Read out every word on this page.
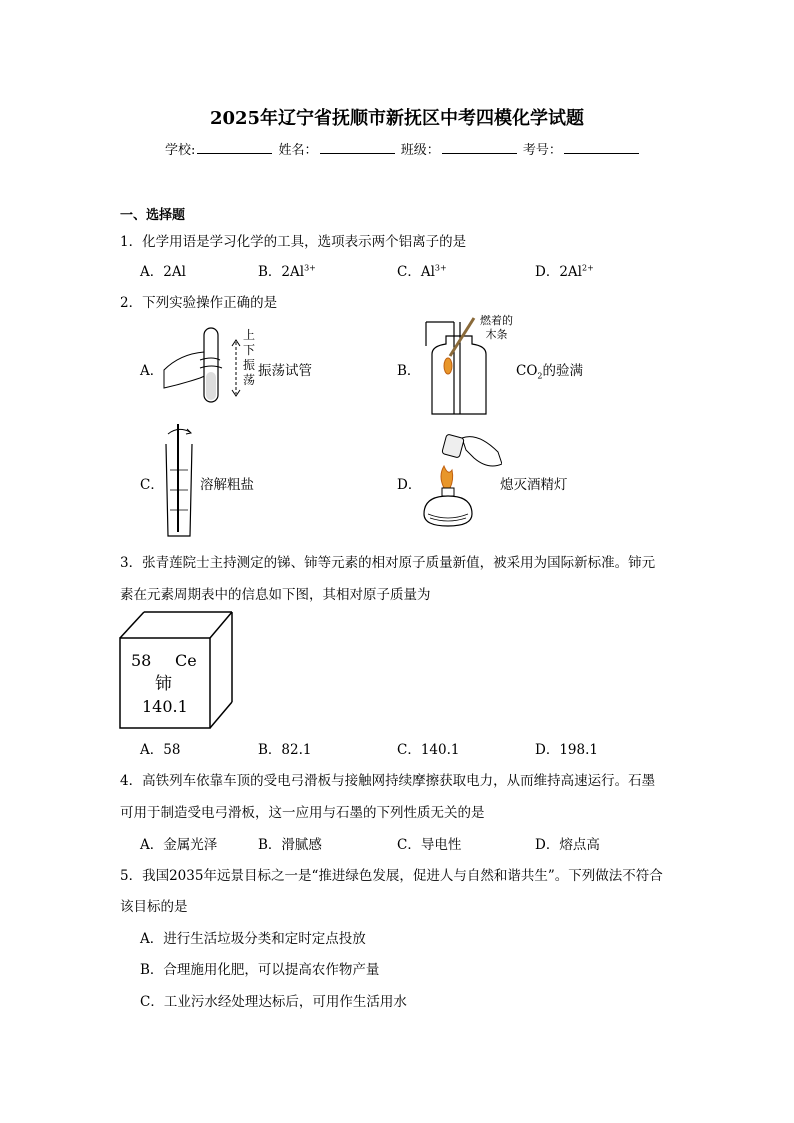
2025年辽宁省抚顺市新抚区中考四模化学试题
学校:	姓名：	班级：	考号：
一、选择题
1．化学用语是学习化学的工具，选项表示两个铝离子的是
A．2Al	B．$2Al^{3+}$	C．$Al^{3+}$	D．$2Al^{2+}$
2．下列实验操作正确的是
A．
上
下
振
荡
振荡试管	B．
燃着的
木条
$CO_2$的验满
C．	溶解粗盐	D．	熄灭酒精灯
3．张青莲院士主持测定的锑、铈等元素的相对原子质量新值，被采用为国际新标准。铈元
素在元素周期表中的信息如下图，其相对原子质量为
58 Ce
铈
140.1
A．58	B．82.1	C．140.1	D．198.1
4．高铁列车依靠车顶的受电弓滑板与接触网持续摩擦获取电力，从而维持高速运行。石墨
可用于制造受电弓滑板，这一应用与石墨的下列性质无关的是
A．金属光泽	B．滑腻感	C．导电性	D．熔点高
5．我国2035年远景目标之一是“推进绿色发展，促进人与自然和谐共生”。下列做法不符合
该目标的是
A．进行生活垃圾分类和定时定点投放
B．合理施用化肥，可以提高农作物产量
C．工业污水经处理达标后，可用作生活用水
